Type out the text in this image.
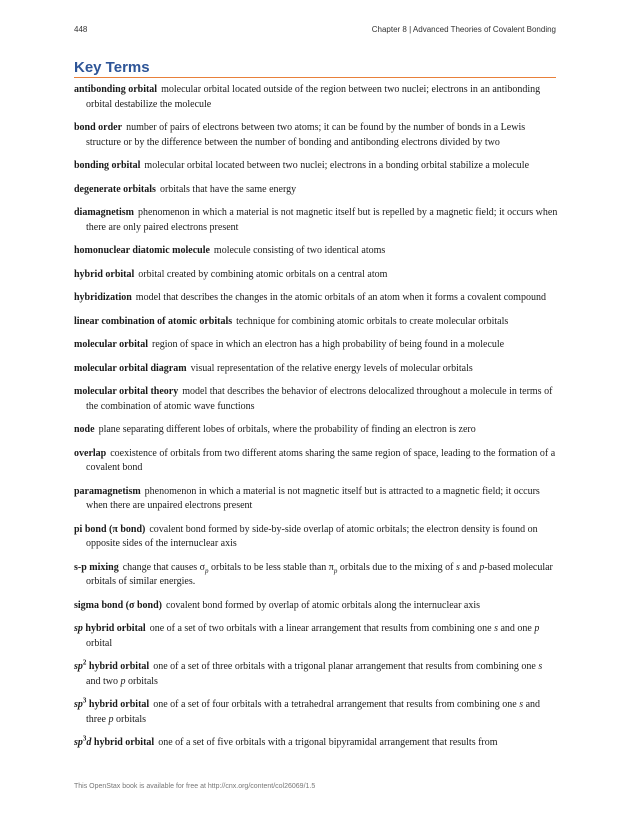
448	Chapter 8 | Advanced Theories of Covalent Bonding
Key Terms

antibonding orbital molecular orbital located outside of the region between two nuclei; electrons in an antibonding orbital destabilize the molecule

bond order number of pairs of electrons between two atoms; it can be found by the number of bonds in a Lewis structure or by the difference between the number of bonding and antibonding electrons divided by two

bonding orbital molecular orbital located between two nuclei; electrons in a bonding orbital stabilize a molecule

degenerate orbitals orbitals that have the same energy

diamagnetism phenomenon in which a material is not magnetic itself but is repelled by a magnetic field; it occurs when there are only paired electrons present

homonuclear diatomic molecule molecule consisting of two identical atoms

hybrid orbital orbital created by combining atomic orbitals on a central atom

hybridization model that describes the changes in the atomic orbitals of an atom when it forms a covalent compound

linear combination of atomic orbitals technique for combining atomic orbitals to create molecular orbitals

molecular orbital region of space in which an electron has a high probability of being found in a molecule

molecular orbital diagram visual representation of the relative energy levels of molecular orbitals

molecular orbital theory model that describes the behavior of electrons delocalized throughout a molecule in terms of the combination of atomic wave functions

node plane separating different lobes of orbitals, where the probability of finding an electron is zero

overlap coexistence of orbitals from two different atoms sharing the same region of space, leading to the formation of a covalent bond

paramagnetism phenomenon in which a material is not magnetic itself but is attracted to a magnetic field; it occurs when there are unpaired electrons present

pi bond (π bond) covalent bond formed by side-by-side overlap of atomic orbitals; the electron density is found on opposite sides of the internuclear axis

s-p mixing change that causes $\sigma_p$ orbitals to be less stable than $\pi_p$ orbitals due to the mixing of s and p-based molecular orbitals of similar energies.

sigma bond (σ bond) covalent bond formed by overlap of atomic orbitals along the internuclear axis

sp hybrid orbital one of a set of two orbitals with a linear arrangement that results from combining one s and one p orbital

$sp^2$ hybrid orbital one of a set of three orbitals with a trigonal planar arrangement that results from combining one s and two p orbitals

$sp^3$ hybrid orbital one of a set of four orbitals with a tetrahedral arrangement that results from combining one s and three p orbitals

$sp^3d$ hybrid orbital one of a set of five orbitals with a trigonal bipyramidal arrangement that results from

This OpenStax book is available for free at http://cnx.org/content/col26069/1.5
